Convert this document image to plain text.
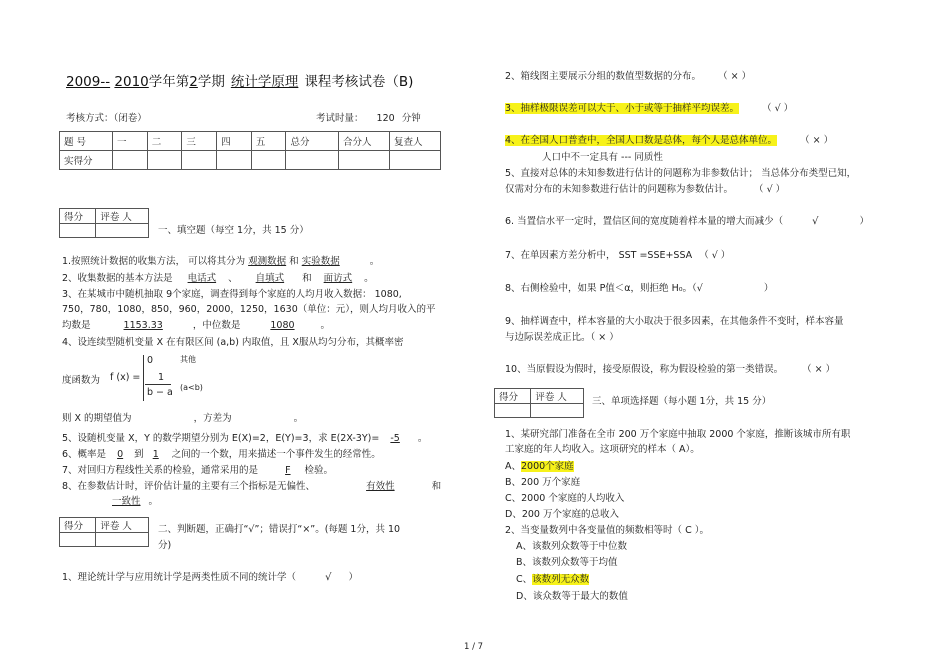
2009-- 2010学年第2学期 统计学原理 课程考核试卷（B)
考核方式：（闭卷）	考试时量： 120 分钟
题 号	一	二	三	四	五	总分	合分人	复查人
实得分								
得分	评卷 人

一、填空题（每空 1分，共 15 分）
1.按照统计数据的收集方法， 可以将其分为 观测数据 和 实验数据	。
2、收集数据的基本方法是 电话式 、 自填式 和 面访式 。
3、在某城市中随机抽取 9个家庭，调查得到每个家庭的人均月收入数据： 1080,
750，780，1080，850，960，2000，1250，1630（单位：元），则人均月收入的平
均数是	1153.33	，中位数是	1080	。
4、设连续型随机变量 X 在有限区间 (a,b) 内取值，且 X服从均匀分布，其概率密
度函数为 f (x) =
0	其他
1
b − a (a<b)
则 X 的期望值为	，方差为	。
5、设随机变量 X，Y 的数学期望分别为 E(X)=2，E(Y)=3，求 E(2X-3Y)= -5 。
6、概率是 0 到 1 之间的一个数，用来描述一个事件发生的经常性。
7、对回归方程线性关系的检验，通常采用的是	F 检验。
8、在参数估计时，评价估计量的主要有三个指标是无偏性、	有效性	和
一致性 。
得分	评卷 人
		二、判断题，正确打“√”；错误打“×”。(每题 1分，共 10
分)
1、理论统计学与应用统计学是两类性质不同的统计学（	√ ）
2、箱线图主要展示分组的数值型数据的分布。 （ × ）
3、抽样极限误差可以大于、小于或等于抽样平均误差。 （ √ ）
4、在全国人口普查中，全国人口数是总体，每个人是总体单位。 （ × ）
人口中不一定具有 --- 同质性
5、直接对总体的未知参数进行估计的问题称为非参数估计； 当总体分布类型已知，
仅需对分布的未知参数进行估计的问题称为参数估计。 （ √ ）
6. 当置信水平一定时，置信区间的宽度随着样本量的增大而减少（	√	）
7、在单因素方差分析中， SST =SSE+SSA （ √ ）
8、右侧检验中，如果 P值＜α，则拒绝 H₀。（√	）
9、抽样调查中，样本容量的大小取决于很多因素，在其他条件不变时，样本容量
与边际误差成正比。（ × ）
10、当原假设为假时，接受原假设，称为假设检验的第一类错误。 （ × ）
得分	评卷 人
		三、单项选择题（每小题 1分，共 15 分）
1、某研究部门准备在全市 200 万个家庭中抽取 2000 个家庭，推断该城市所有职
工家庭的年人均收入。这项研究的样本（ A）。
A、2000个家庭
B、200 万个家庭
C、2000 个家庭的人均收入
D、200 万个家庭的总收入
2、当变量数列中各变量值的频数相等时（ C ）。
A、该数列众数等于中位数
B、该数列众数等于均值
C、该数列无众数
D、该众数等于最大的数值
1 / 7
